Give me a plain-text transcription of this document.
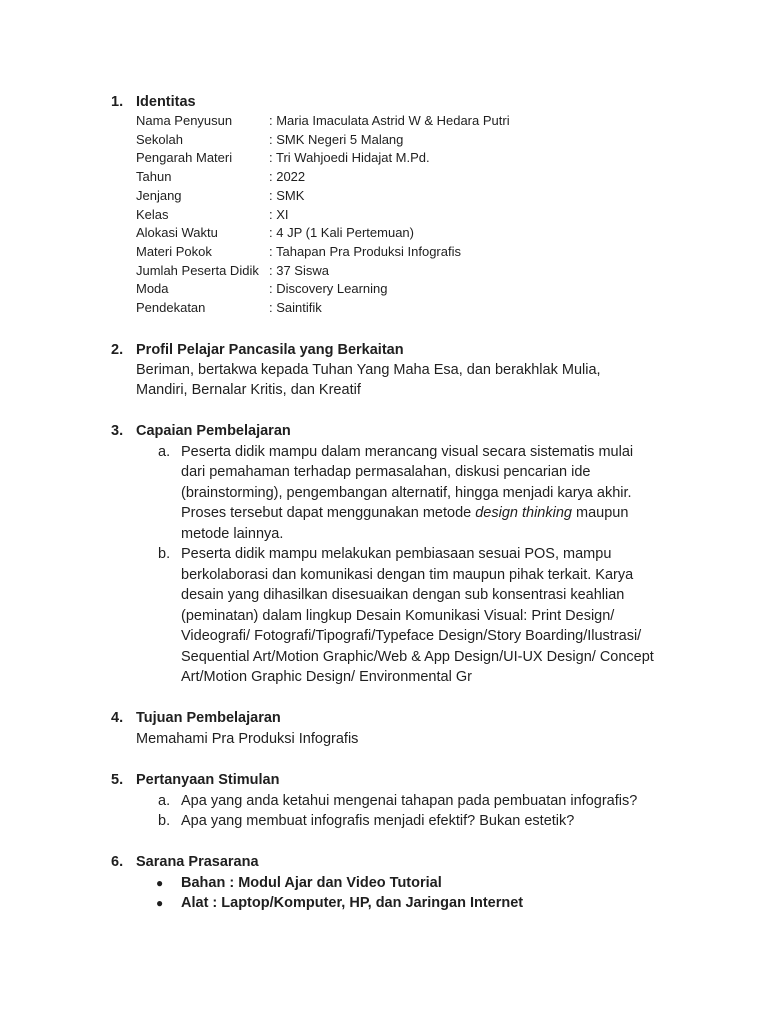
1. Identitas
Nama Penyusun	: Maria Imaculata Astrid W & Hedara Putri
Sekolah	: SMK Negeri 5 Malang
Pengarah Materi	: Tri Wahjoedi Hidajat M.Pd.
Tahun	: 2022
Jenjang	: SMK
Kelas	: XI
Alokasi Waktu	: 4 JP (1 Kali Pertemuan)
Materi Pokok	: Tahapan Pra Produksi Infografis
Jumlah Peserta Didik : 37 Siswa
Moda	: Discovery Learning
Pendekatan	: Saintifik
2. Profil Pelajar Pancasila yang Berkaitan
Beriman, bertakwa kepada Tuhan Yang Maha Esa, dan berakhlak Mulia,
Mandiri, Bernalar Kritis, dan Kreatif
3. Capaian Pembelajaran
a. Peserta didik mampu dalam merancang visual secara sistematis mulai
dari pemahaman terhadap permasalahan, diskusi pencarian ide
(brainstorming), pengembangan alternatif, hingga menjadi karya akhir.
Proses tersebut dapat menggunakan metode design thinking maupun
metode lainnya.
b. Peserta didik mampu melakukan pembiasaan sesuai POS, mampu
berkolaborasi dan komunikasi dengan tim maupun pihak terkait. Karya
desain yang dihasilkan disesuaikan dengan sub konsentrasi keahlian
(peminatan) dalam lingkup Desain Komunikasi Visual: Print Design/
Videografi/ Fotografi/Tipografi/Typeface Design/Story Boarding/Ilustrasi/
Sequential Art/Motion Graphic/Web & App Design/UI-UX Design/ Concept
Art/Motion Graphic Design/ Environmental Gr
4. Tujuan Pembelajaran
Memahami Pra Produksi Infografis
5. Pertanyaan Stimulan
a. Apa yang anda ketahui mengenai tahapan pada pembuatan infografis?
b. Apa yang membuat infografis menjadi efektif? Bukan estetik?
6. Sarana Prasarana
● Bahan : Modul Ajar dan Video Tutorial
● Alat : Laptop/Komputer, HP, dan Jaringan Internet
